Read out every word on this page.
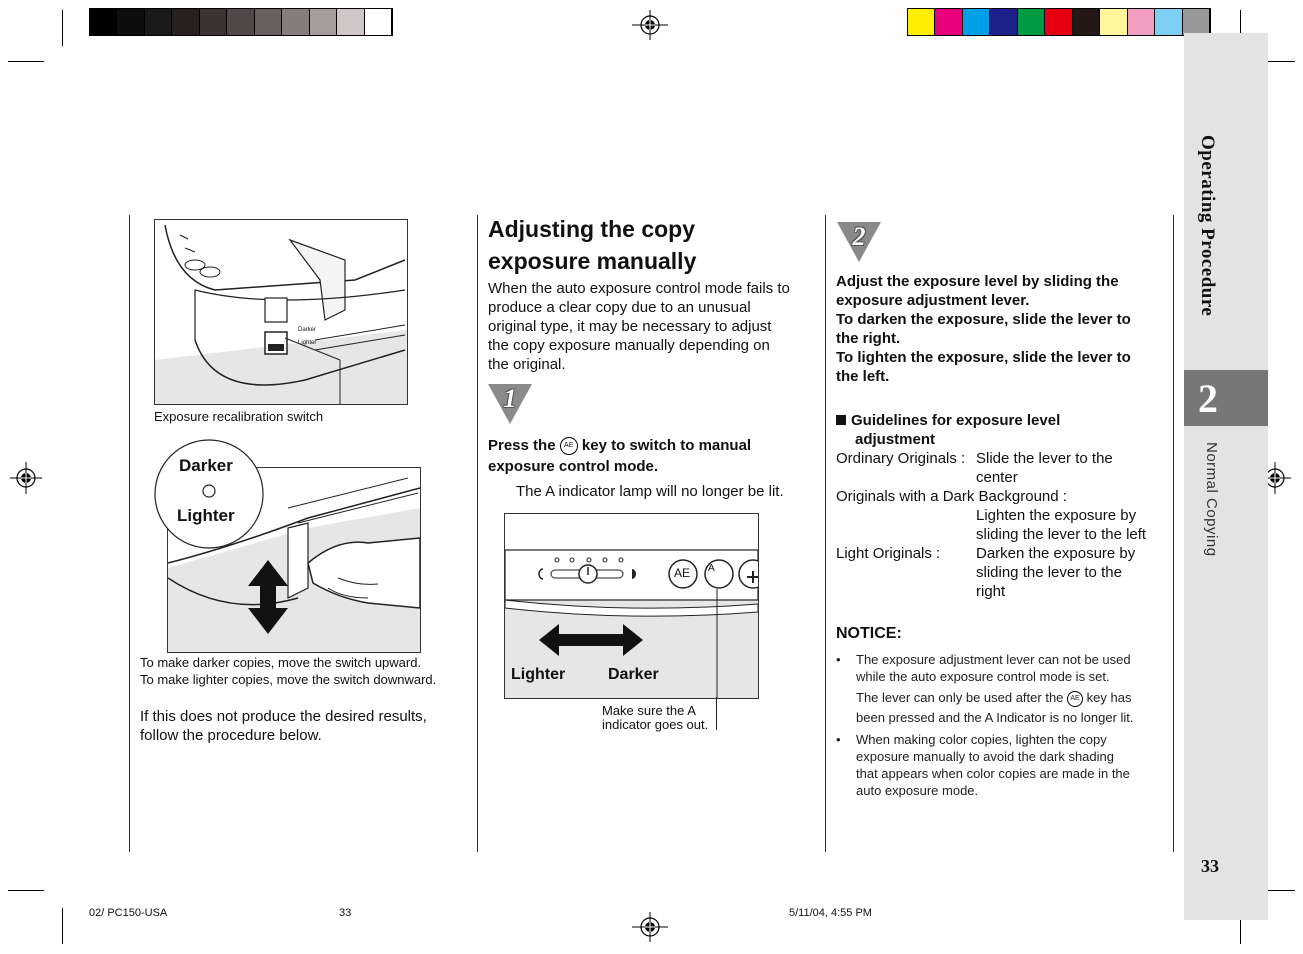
Operating Procedure
2
Normal Copying
33
Darker
Lighter
Exposure recalibration switch
Darker
Lighter
To make darker copies, move the switch upward.
To make lighter copies, move the switch downward.
If this does not produce the desired results,
follow the procedure below.
Adjusting the copy
exposure manually
When the auto exposure control mode fails to
produce a clear copy due to an unusual
original type, it may be necessary to adjust
the copy exposure manually depending on
the original.
1
Press the AE key to switch to manual
exposure control mode.
The A indicator lamp will no longer be lit.
AE A
Lighter	Darker
Make sure the A
indicator goes out.
2
Adjust the exposure level by sliding the
exposure adjustment lever.
To darken the exposure, slide the lever to
the right.
To lighten the exposure, slide the lever to
the left.
Guidelines for exposure level
adjustment
Ordinary Originals : Slide the lever to the
center
Originals with a Dark Background :
Lighten the exposure by
sliding the lever to the left
Light Originals : Darken the exposure by
sliding the lever to the
right
NOTICE:
•	The exposure adjustment lever can not be used
while the auto exposure control mode is set.
The lever can only be used after the AE key has
been pressed and the A Indicator is no longer lit.
•	When making color copies, lighten the copy
exposure manually to avoid the dark shading
that appears when color copies are made in the
auto exposure mode.
02/ PC150-USA	33	5/11/04, 4:55 PM
